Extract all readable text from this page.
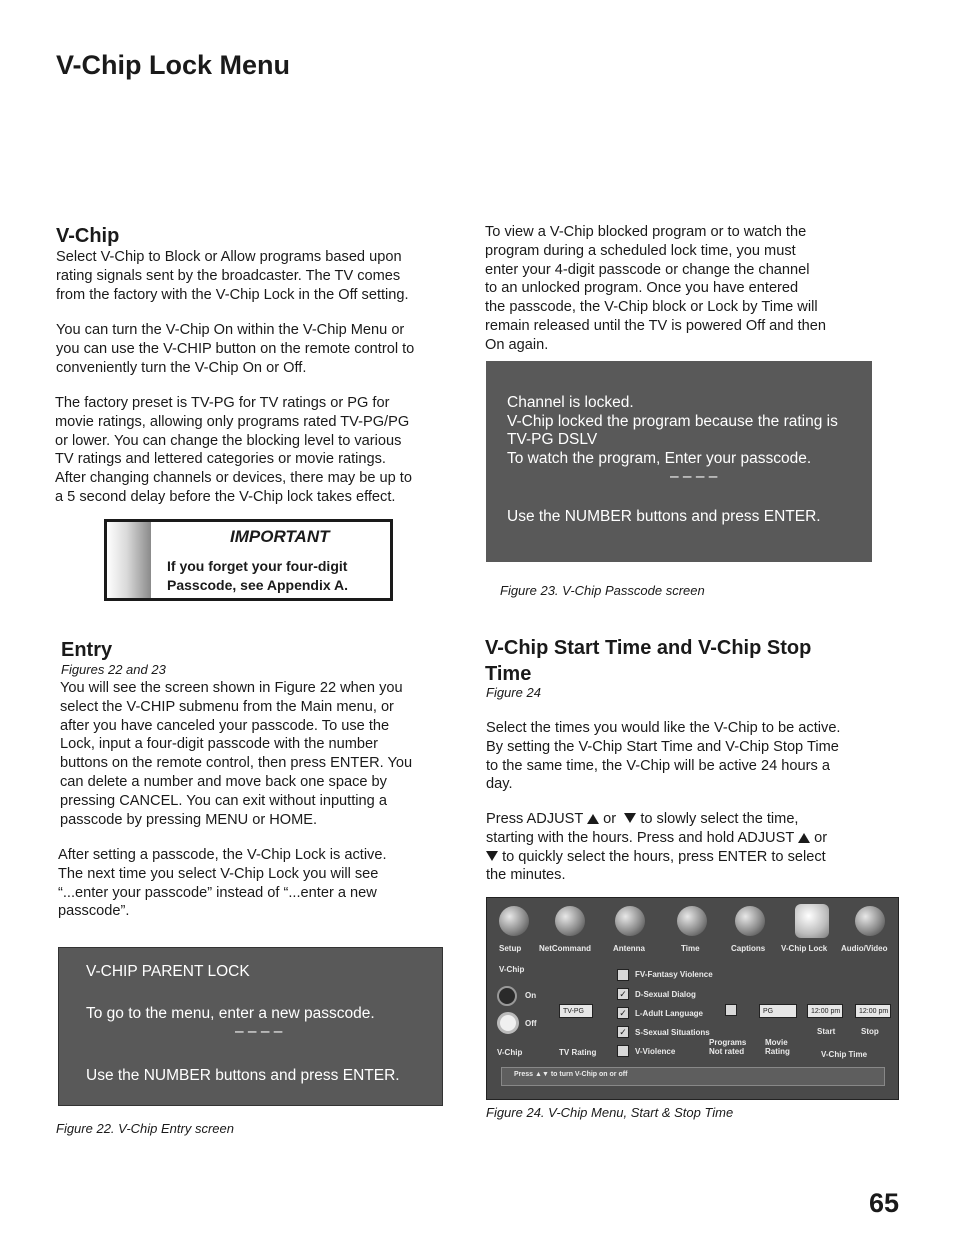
V-Chip Lock Menu
V-Chip
Select V-Chip to Block or Allow programs based upon
rating signals sent by the broadcaster. The TV comes
from the factory with the V-Chip Lock in the Off setting.
You can turn the V-Chip On within the V-Chip Menu or
you can use the V-CHIP button on the remote control to
conveniently turn the V-Chip On or Off.
The factory preset is TV-PG for TV ratings or PG for
movie ratings, allowing only programs rated TV-PG/PG
or lower. You can change the blocking level to various
TV ratings and lettered categories or movie ratings.
After changing channels or devices, there may be up to
a 5 second delay before the V-Chip lock takes effect.
IMPORTANT
If you forget your four-digit
Passcode, see Appendix A.
Entry
Figures 22 and 23
You will see the screen shown in Figure 22 when you
select the V-CHIP submenu from the Main menu, or
after you have canceled your passcode. To use the
Lock, input a four-digit passcode with the number
buttons on the remote control, then press ENTER. You
can delete a number and move back one space by
pressing CANCEL. You can exit without inputting a
passcode by pressing MENU or HOME.
After setting a passcode, the V-Chip Lock is active.
The next time you select V-Chip Lock you will see
“...enter your passcode” instead of “...enter a new
passcode”.
V-CHIP PARENT LOCK
To go to the menu, enter a new passcode.
– – – –
Use the NUMBER buttons and press ENTER.
Figure 22. V-Chip Entry screen
To view a V-Chip blocked program or to watch the
program during a scheduled lock time, you must
enter your 4-digit passcode or change the channel
to an unlocked program. Once you have entered
the passcode, the V-Chip block or Lock by Time will
remain released until the TV is powered Off and then
On again.
Channel is locked.
V-Chip locked the program because the rating is
TV-PG DSLV
To watch the program, Enter your passcode.
– – – –
Use the NUMBER buttons and press ENTER.
Figure 23. V-Chip Passcode screen
V-Chip Start Time and V-Chip Stop
Time
Figure 24
Select the times you would like the V-Chip to be active.
By setting the V-Chip Start Time and V-Chip Stop Time
to the same time, the V-Chip will be active 24 hours a
day.
Press ADJUST or to slowly select the time,
starting with the hours. Press and hold ADJUST or
to quickly select the hours, press ENTER to select
the minutes.
Setup NetCommand	Antenna	Time	Captions V-Chip Lock Audio/Video
V-Chip
On
Off
V-Chip
TV-PG
TV Rating
FV-Fantasy Violence
✓ D-Sexual Dialog
✓ L-Adult Language
✓ S-Sexual Situations
V-Violence
Programs
Not rated
PG
Movie
Rating
12:00 pm	12:00 pm
Start	Stop
V-Chip Time
Press ▲▼ to turn V-Chip on or off
Figure 24. V-Chip Menu, Start & Stop Time
65
